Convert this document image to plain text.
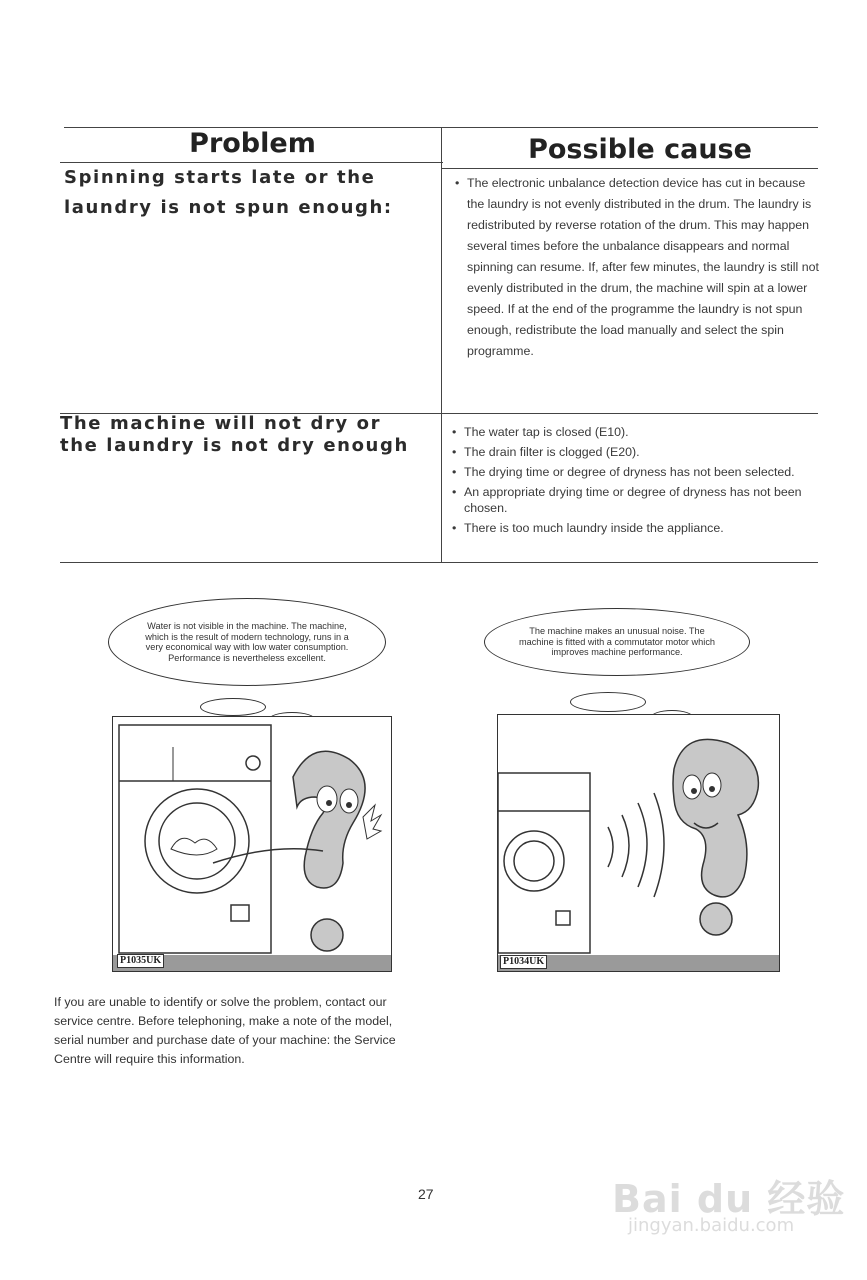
Problem	Possible cause
Spinning starts late or the laundry is not spun enough:
• The electronic unbalance detection device has cut in because the laundry is not evenly distributed in the drum. The laundry is redistributed by reverse rotation of the drum. This may happen several times before the unbalance disappears and normal spinning can resume. If, after few minutes, the laundry is still not evenly distributed in the drum, the machine will spin at a lower speed. If at the end of the programme the laundry is not spun enough, redistribute the load manually and select the spin programme.
The machine will not dry or the laundry is not dry enough
• The water tap is closed (E10).
• The drain filter is clogged (E20).
• The drying time or degree of dryness has not been selected.
• An appropriate drying time or degree of dryness has not been chosen.
• There is too much laundry inside the appliance.
Water is not visible in the machine. The machine, which is the result of modern technology, runs in a very economical way with low water consumption. Performance is nevertheless excellent.
P1035UK
The machine makes an unusual noise. The machine is fitted with a commutator motor which improves machine performance.
P1034UK
If you are unable to identify or solve the problem, contact our service centre. Before telephoning, make a note of the model, serial number and purchase date of your machine: the Service Centre will require this information.
27	Bai du 经验
jingyan.baidu.com
